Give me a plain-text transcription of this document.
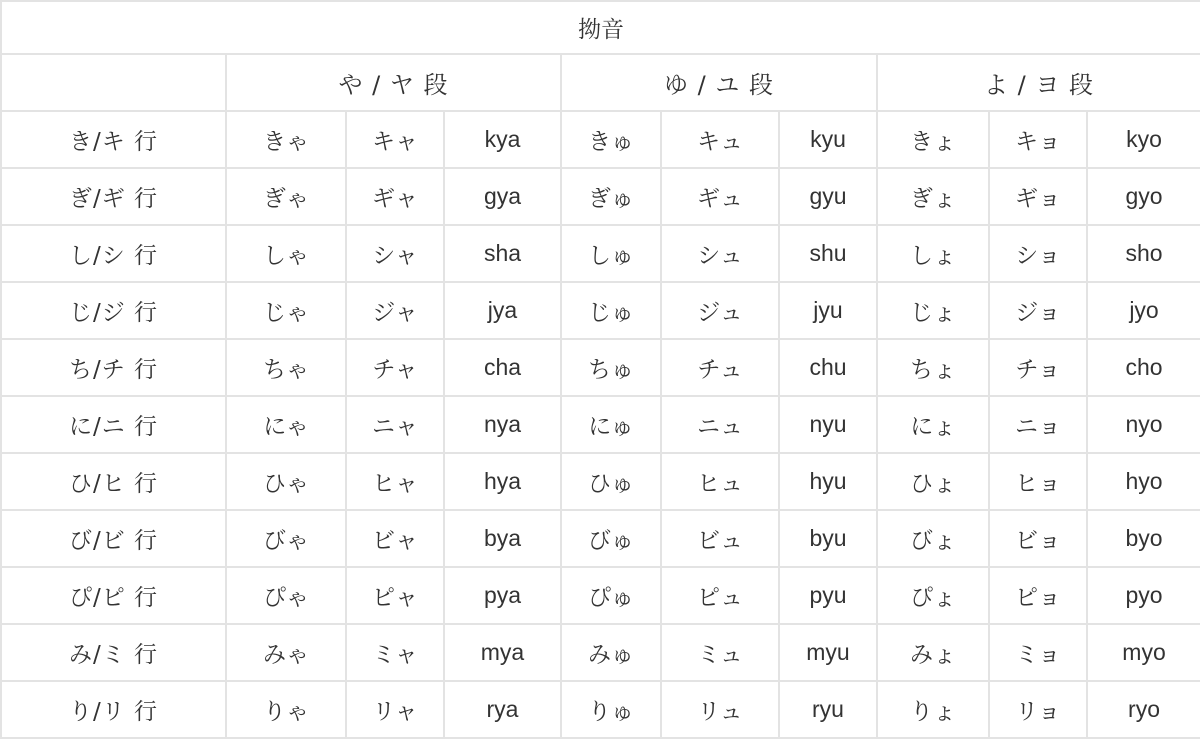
拗音									
	や / ヤ 段			ゆ / ユ 段			よ / ヨ 段		
き/キ 行	きゃ	キャ	kya	きゅ	キュ	kyu	きょ	キョ	kyo
ぎ/ギ 行	ぎゃ	ギャ	gya	ぎゅ	ギュ	gyu	ぎょ	ギョ	gyo
し/シ 行	しゃ	シャ	sha	しゅ	シュ	shu	しょ	ショ	sho
じ/ジ 行	じゃ	ジャ	jya	じゅ	ジュ	jyu	じょ	ジョ	jyo
ち/チ 行	ちゃ	チャ	cha	ちゅ	チュ	chu	ちょ	チョ	cho
に/ニ 行	にゃ	ニャ	nya	にゅ	ニュ	nyu	にょ	ニョ	nyo
ひ/ヒ 行	ひゃ	ヒャ	hya	ひゅ	ヒュ	hyu	ひょ	ヒョ	hyo
び/ビ 行	びゃ	ビャ	bya	びゅ	ビュ	byu	びょ	ビョ	byo
ぴ/ピ 行	ぴゃ	ピャ	pya	ぴゅ	ピュ	pyu	ぴょ	ピョ	pyo
み/ミ 行	みゃ	ミャ	mya	みゅ	ミュ	myu	みょ	ミョ	myo
り/リ 行	りゃ	リャ	rya	りゅ	リュ	ryu	りょ	リョ	ryo
